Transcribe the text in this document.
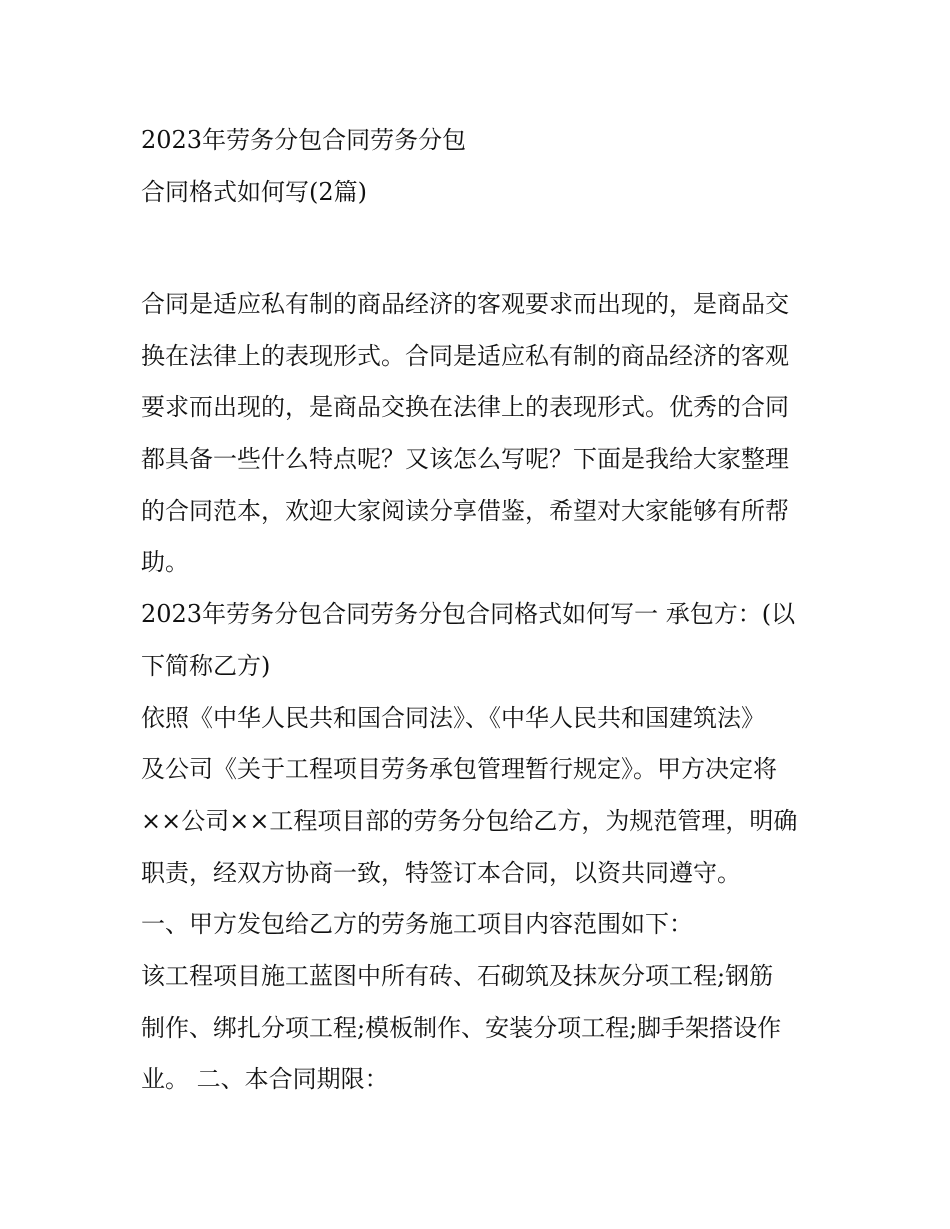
2023年劳务分包合同劳务分包
合同格式如何写(2篇)
合同是适应私有制的商品经济的客观要求而出现的，是商品交
换在法律上的表现形式。合同是适应私有制的商品经济的客观
要求而出现的，是商品交换在法律上的表现形式。优秀的合同
都具备一些什么特点呢？又该怎么写呢？下面是我给大家整理
的合同范本，欢迎大家阅读分享借鉴，希望对大家能够有所帮
助。
2023年劳务分包合同劳务分包合同格式如何写一 承包方：(以
下简称乙方)
依照《中华人民共和国合同法》、《中华人民共和国建筑法》
及公司《关于工程项目劳务承包管理暂行规定》。甲方决定将
××公司××工程项目部的劳务分包给乙方，为规范管理，明确
职责，经双方协商一致，特签订本合同，以资共同遵守。
一、甲方发包给乙方的劳务施工项目内容范围如下：
该工程项目施工蓝图中所有砖、石砌筑及抹灰分项工程;钢筋
制作、绑扎分项工程;模板制作、安装分项工程;脚手架搭设作
业。 二、本合同期限：
